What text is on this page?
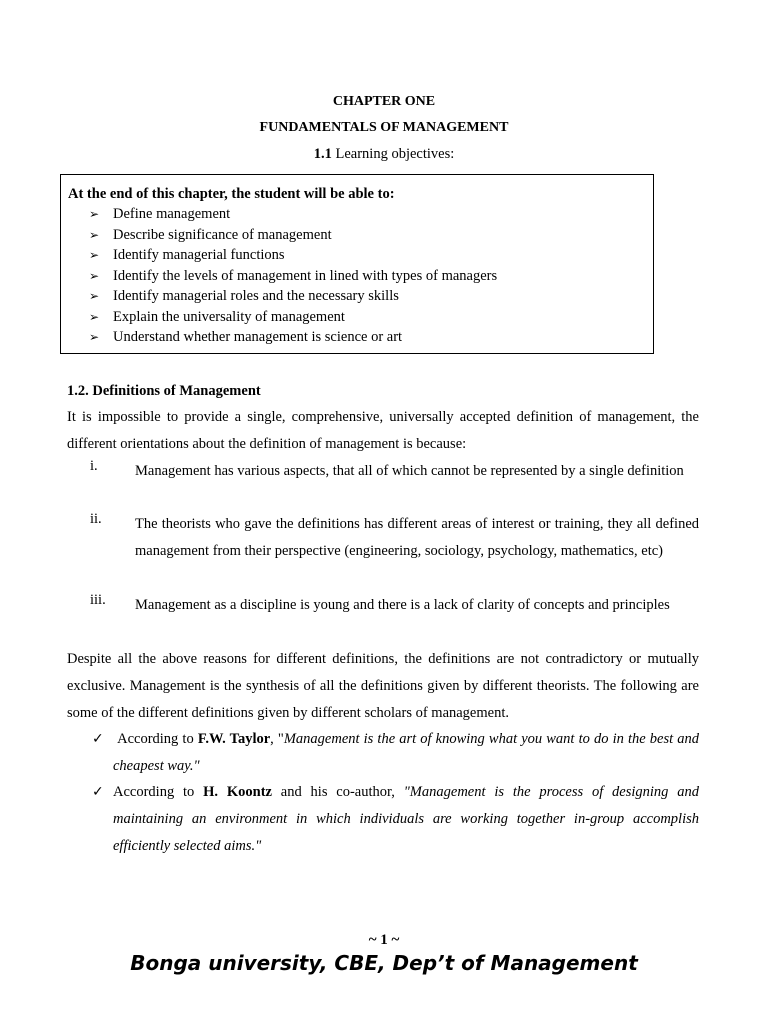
CHAPTER ONE
FUNDAMENTALS OF MANAGEMENT
1.1 Learning objectives:
At the end of this chapter, the student will be able to:
➢ Define management
➢ Describe significance of management
➢ Identify managerial functions
➢ Identify the levels of management in lined with types of managers
➢ Identify managerial roles and the necessary skills
➢ Explain the universality of management
➢ Understand whether management is science or art
1.2. Definitions of Management

It is impossible to provide a single, comprehensive, universally accepted definition of management, the different orientations about the definition of management is because:

i.	Management has various aspects, that all of which cannot be represented by a single definition
ii. The theorists who gave the definitions has different areas of interest or training, they all defined management from their perspective (engineering, sociology, psychology, mathematics, etc)
iii. Management as a discipline is young and there is a lack of clarity of concepts and principles

Despite all the above reasons for different definitions, the definitions are not contradictory or mutually exclusive. Management is the synthesis of all the definitions given by different theorists. The following are some of the different definitions given by different scholars of management.

✓ According to F.W. Taylor, "Management is the art of knowing what you want to do in the best and cheapest way."
✓ According to H. Koontz and his co-author, "Management is the process of designing and maintaining an environment in which individuals are working together in-group accomplish efficiently selected aims."
~ 1 ~
Bonga university, CBE, Dep’t of Management
